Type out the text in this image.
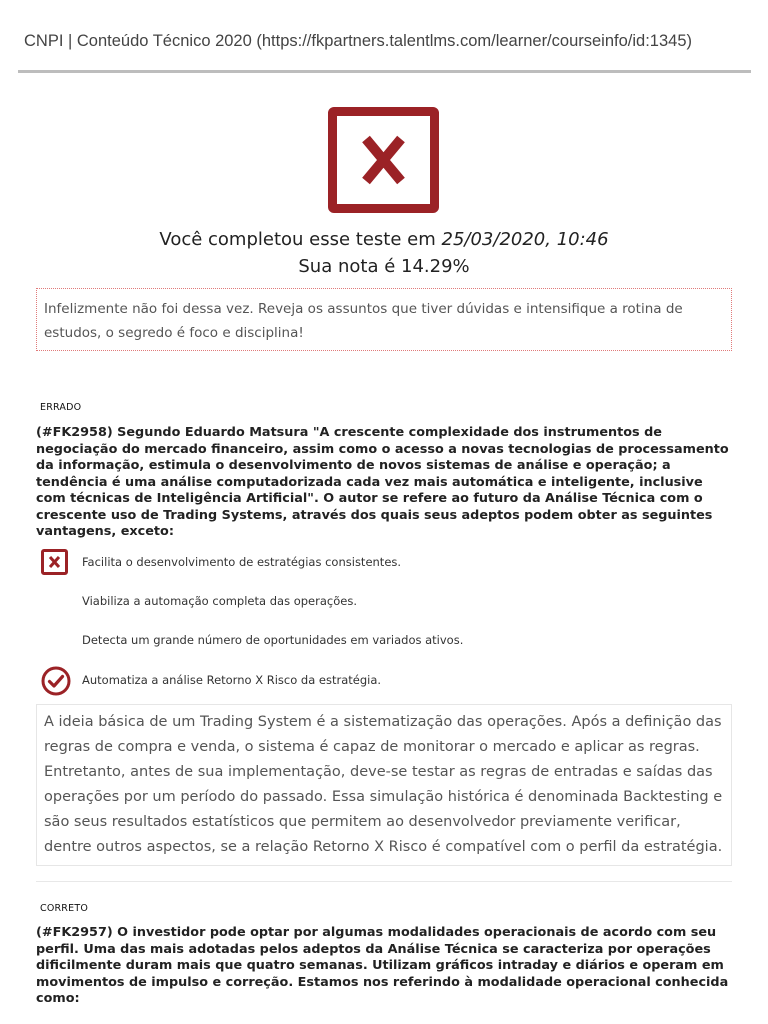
CNPI | Conteúdo Técnico 2020 (https://fkpartners.talentlms.com/learner/courseinfo/id:1345)
Você completou esse teste em 25/03/2020, 10:46
Sua nota é 14.29%
Infelizmente não foi dessa vez. Reveja os assuntos que tiver dúvidas e intensifique a rotina de estudos, o segredo é foco e disciplina!
ERRADO
(#FK2958) Segundo Eduardo Matsura "A crescente complexidade dos instrumentos de negociação do mercado financeiro, assim como o acesso a novas tecnologias de processamento da informação, estimula o desenvolvimento de novos sistemas de análise e operação; a tendência é uma análise computadorizada cada vez mais automática e inteligente, inclusive com técnicas de Inteligência Artificial". O autor se refere ao futuro da Análise Técnica com o crescente uso de Trading Systems, através dos quais seus adeptos podem obter as seguintes vantagens, exceto:
Facilita o desenvolvimento de estratégias consistentes.
Viabiliza a automação completa das operações.
Detecta um grande número de oportunidades em variados ativos.
Automatiza a análise Retorno X Risco da estratégia.
A ideia básica de um Trading System é a sistematização das operações. Após a definição das regras de compra e venda, o sistema é capaz de monitorar o mercado e aplicar as regras. Entretanto, antes de sua implementação, deve-se testar as regras de entradas e saídas das operações por um período do passado. Essa simulação histórica é denominada Backtesting e são seus resultados estatísticos que permitem ao desenvolvedor previamente verificar, dentre outros aspectos, se a relação Retorno X Risco é compatível com o perfil da estratégia.
CORRETO
(#FK2957) O investidor pode optar por algumas modalidades operacionais de acordo com seu perfil. Uma das mais adotadas pelos adeptos da Análise Técnica se caracteriza por operações dificilmente duram mais que quatro semanas. Utilizam gráficos intraday e diários e operam em movimentos de impulso e correção. Estamos nos referindo à modalidade operacional conhecida como:
